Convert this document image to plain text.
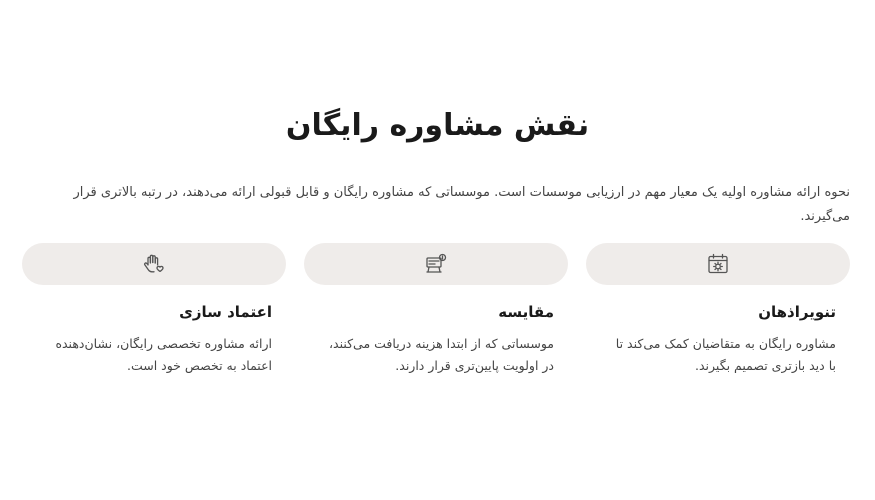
نقش مشاوره رایگان

نحوه ارائه مشاوره اولیه یک معیار مهم در ارزیابی موسسات است. موسساتی که مشاوره رایگان و قابل قبولی ارائه می‌دهند، در رتبه بالاتری قرار می‌گیرند.

تنویراذهان
مشاوره رایگان به متقاضیان کمک می‌کند تا با دید بازتری تصمیم بگیرند.
مقایسه
موسساتی که از ابتدا هزینه دریافت می‌کنند، در اولویت پایین‌تری قرار دارند.
اعتماد سازی
ارائه مشاوره تخصصی رایگان، نشان‌دهنده اعتماد به تخصص خود است.
